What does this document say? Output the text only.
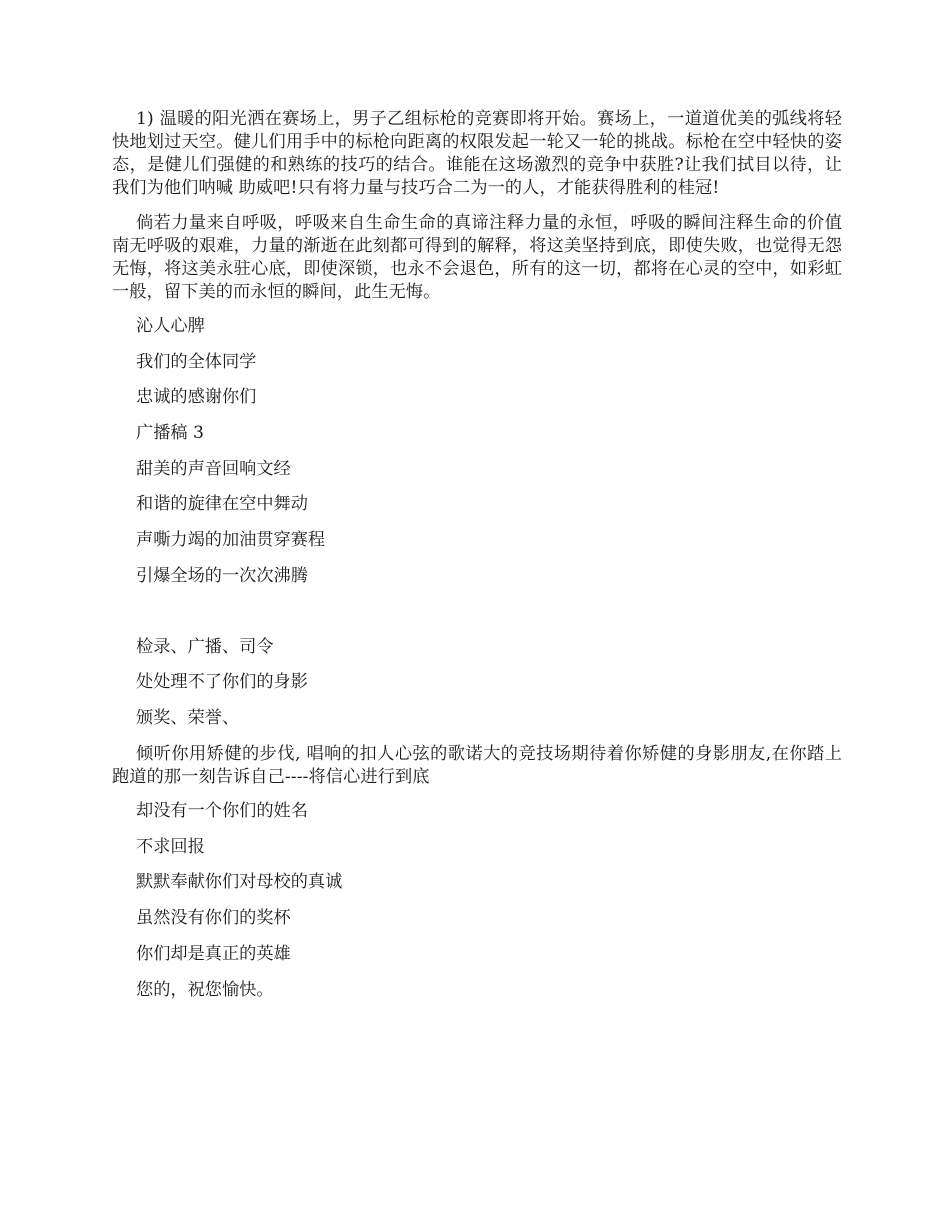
1) 温暖的阳光洒在赛场上，男子乙组标枪的竞赛即将开始。赛场上，一道道优美的弧线将轻快地划过天空。健儿们用手中的标枪向距离的权限发起一轮又一轮的挑战。标枪在空中轻快的姿态，是健儿们强健的和熟练的技巧的结合。谁能在这场激烈的竞争中获胜?让我们拭目以待，让我们为他们呐喊 助威吧!只有将力量与技巧合二为一的人，才能获得胜利的桂冠!

倘若力量来自呼吸，呼吸来自生命生命的真谛注释力量的永恒，呼吸的瞬间注释生命的价值南无呼吸的艰难，力量的渐逝在此刻都可得到的解释，将这美坚持到底，即使失败，也觉得无怨无悔，将这美永驻心底，即使深锁，也永不会退色，所有的这一切，都将在心灵的空中，如彩虹一般，留下美的而永恒的瞬间，此生无悔。

沁人心脾

我们的全体同学

忠诚的感谢你们

广播稿 3

甜美的声音回响文经

和谐的旋律在空中舞动

声嘶力竭的加油贯穿赛程

引爆全场的一次次沸腾

检录、广播、司令

处处理不了你们的身影

颁奖、荣誉、

倾听你用矫健的步伐, 唱响的扣人心弦的歌诺大的竞技场期待着你矫健的身影朋友,在你踏上跑道的那一刻告诉自己----将信心进行到底

却没有一个你们的姓名

不求回报

默默奉献你们对母校的真诚

虽然没有你们的奖杯

你们却是真正的英雄

您的，祝您愉快。
